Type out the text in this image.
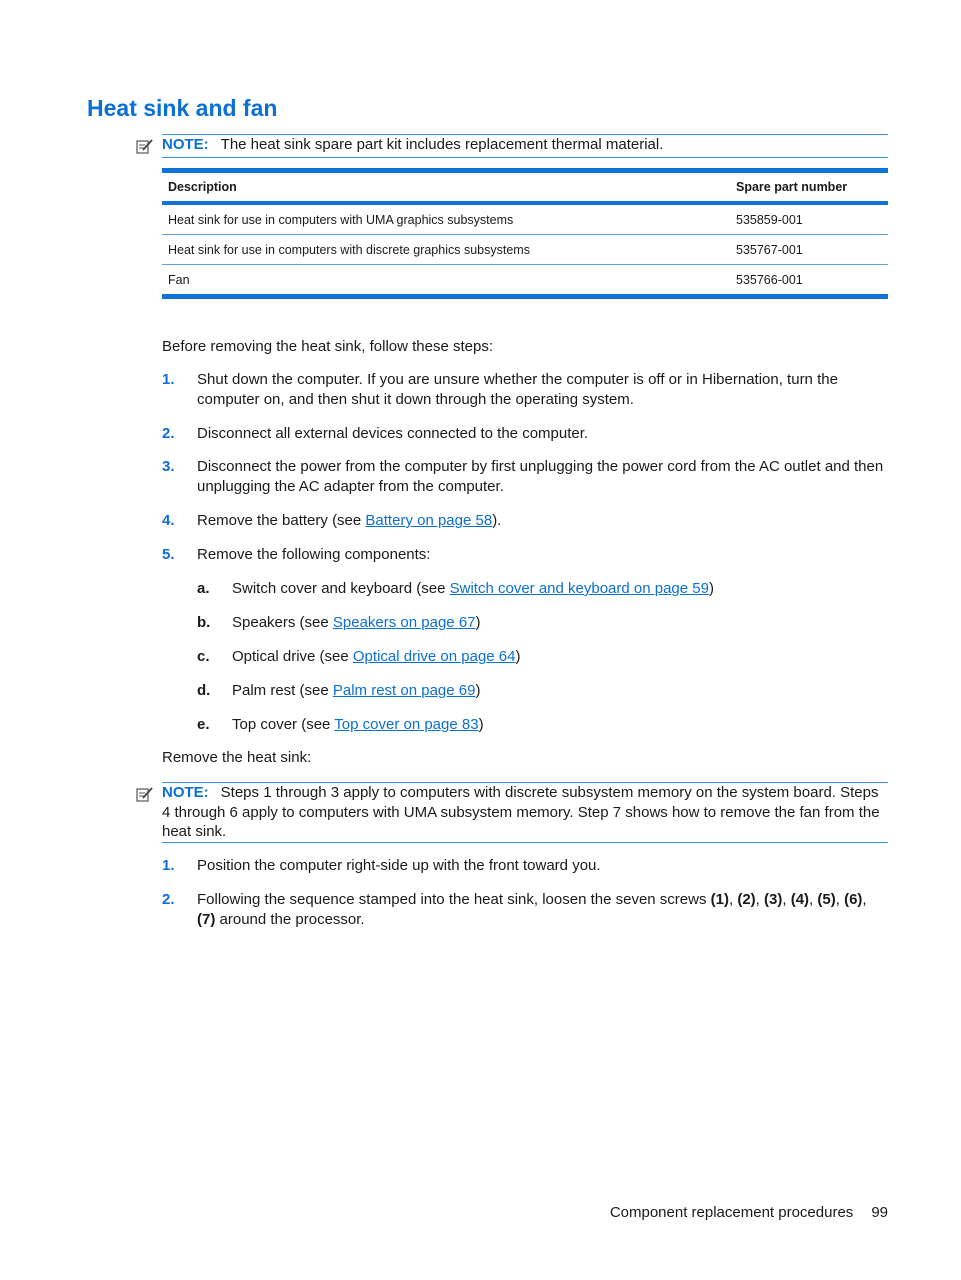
Heat sink and fan
NOTE: The heat sink spare part kit includes replacement thermal material.
Description	Spare part number
Heat sink for use in computers with UMA graphics subsystems	535859-001
Heat sink for use in computers with discrete graphics subsystems	535767-001
Fan	535766-001

Before removing the heat sink, follow these steps:

1. Shut down the computer. If you are unsure whether the computer is off or in Hibernation, turn the computer on, and then shut it down through the operating system.
2. Disconnect all external devices connected to the computer.
3. Disconnect the power from the computer by first unplugging the power cord from the AC outlet and then unplugging the AC adapter from the computer.
4. Remove the battery (see Battery on page 58).
5. Remove the following components:
a. Switch cover and keyboard (see Switch cover and keyboard on page 59)
b. Speakers (see Speakers on page 67)
c. Optical drive (see Optical drive on page 64)
d. Palm rest (see Palm rest on page 69)
e. Top cover (see Top cover on page 83)

Remove the heat sink:

NOTE: Steps 1 through 3 apply to computers with discrete subsystem memory on the system board. Steps 4 through 6 apply to computers with UMA subsystem memory. Step 7 shows how to remove the fan from the heat sink.
1. Position the computer right-side up with the front toward you.
2. Following the sequence stamped into the heat sink, loosen the seven screws (1), (2), (3), (4), (5), (6), (7) around the processor.
Component replacement procedures 99
